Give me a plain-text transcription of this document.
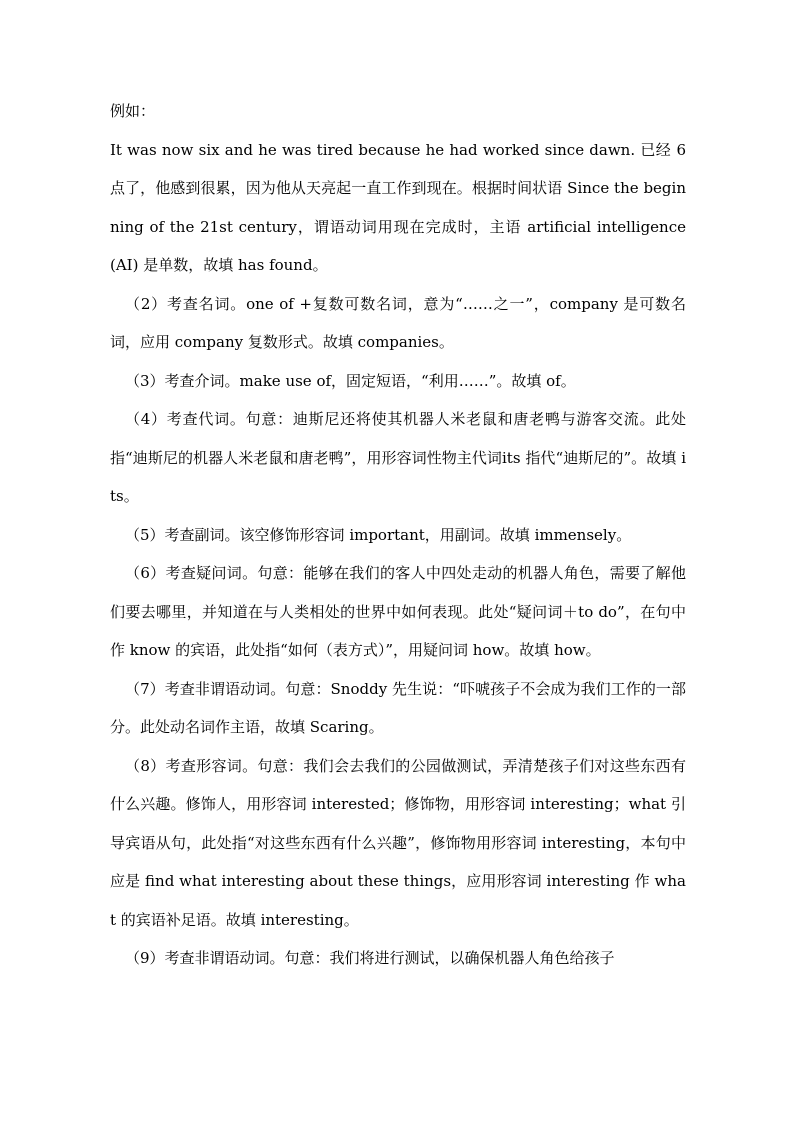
例如：

It was now six and he was tired because he had worked since dawn. 已经 6 点了，他感到很累，因为他从天亮起一直工作到现在。根据时间状语 Since the beginning of the 21st century，谓语动词用现在完成时，主语 artificial intelligence (AI) 是单数，故填 has found。

（2）考查名词。one of +复数可数名词，意为“……之一”，company 是可数名词，应用 company 复数形式。故填 companies。

（3）考查介词。make use of，固定短语，“利用……”。故填 of。

（4）考查代词。句意：迪斯尼还将使其机器人米老鼠和唐老鸭与游客交流。此处指“迪斯尼的机器人米老鼠和唐老鸭”，用形容词性物主代词its 指代“迪斯尼的”。故填 its。

（5）考查副词。该空修饰形容词 important，用副词。故填 immensely。

（6）考查疑问词。句意：能够在我们的客人中四处走动的机器人角色，需要了解他们要去哪里，并知道在与人类相处的世界中如何表现。此处“疑问词＋to do”，在句中作 know 的宾语，此处指“如何（表方式）”，用疑问词 how。故填 how。

（7）考查非谓语动词。句意：Snoddy 先生说：“吓唬孩子不会成为我们工作的一部分。此处动名词作主语，故填 Scaring。

（8）考查形容词。句意：我们会去我们的公园做测试，弄清楚孩子们对这些东西有什么兴趣。修饰人，用形容词 interested；修饰物，用形容词 interesting；what 引导宾语从句，此处指“对这些东西有什么兴趣”，修饰物用形容词 interesting，本句中应是 find what interesting about these things，应用形容词 interesting 作 what 的宾语补足语。故填 interesting。

（9）考查非谓语动词。句意：我们将进行测试，以确保机器人角色给孩子
